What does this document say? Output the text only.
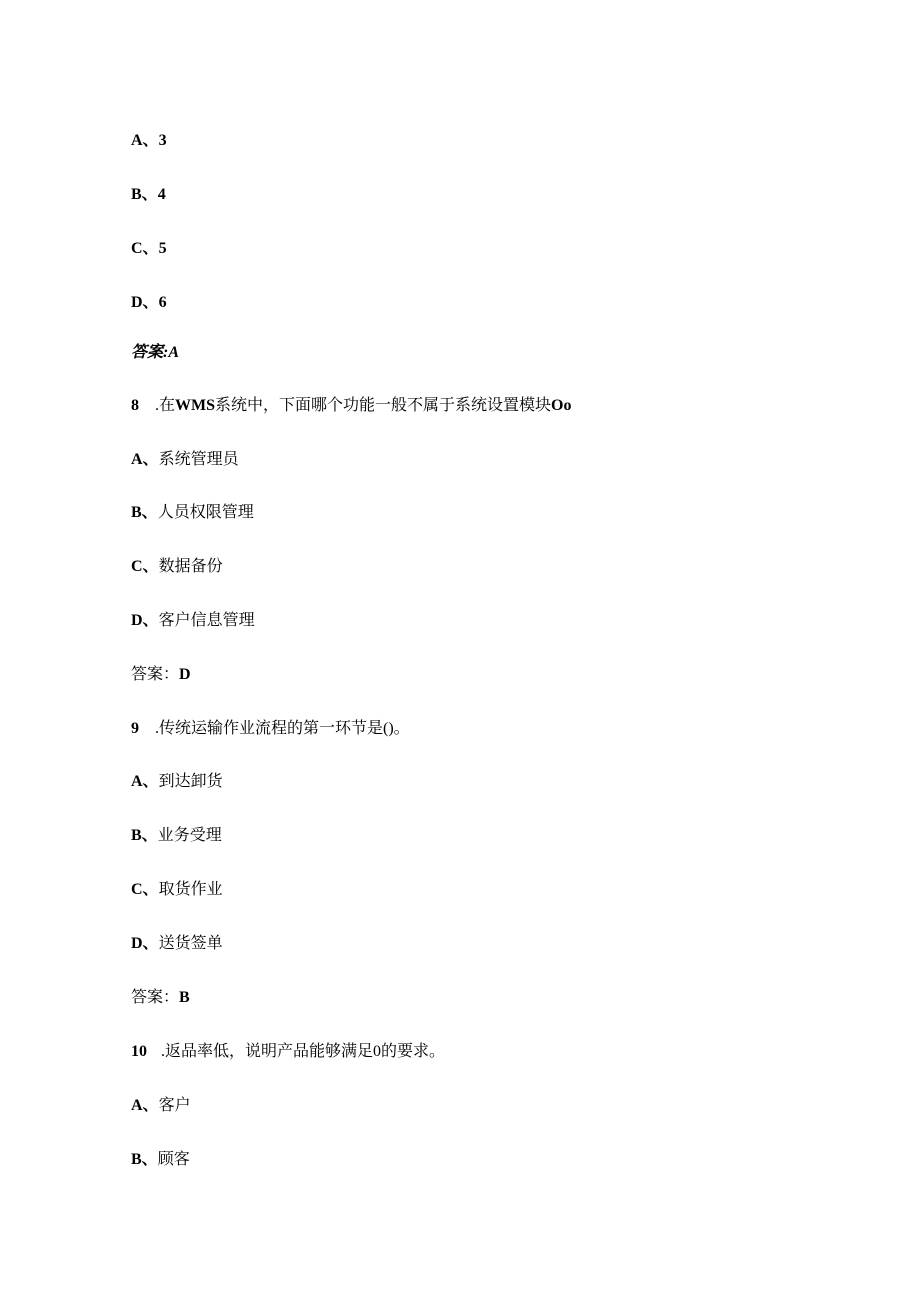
A、3
B、4
C、5
D、6
答案:A
8 .在WMS系统中，下面哪个功能一般不属于系统设置模块Oo
A、系统管理员
B、人员权限管理
C、数据备份
D、客户信息管理
答案：D
9 .传统运输作业流程的第一环节是()。
A、到达卸货
B、业务受理
C、取货作业
D、送货签单
答案：B
10 .返品率低，说明产品能够满足0的要求。
A、客户
B、顾客
